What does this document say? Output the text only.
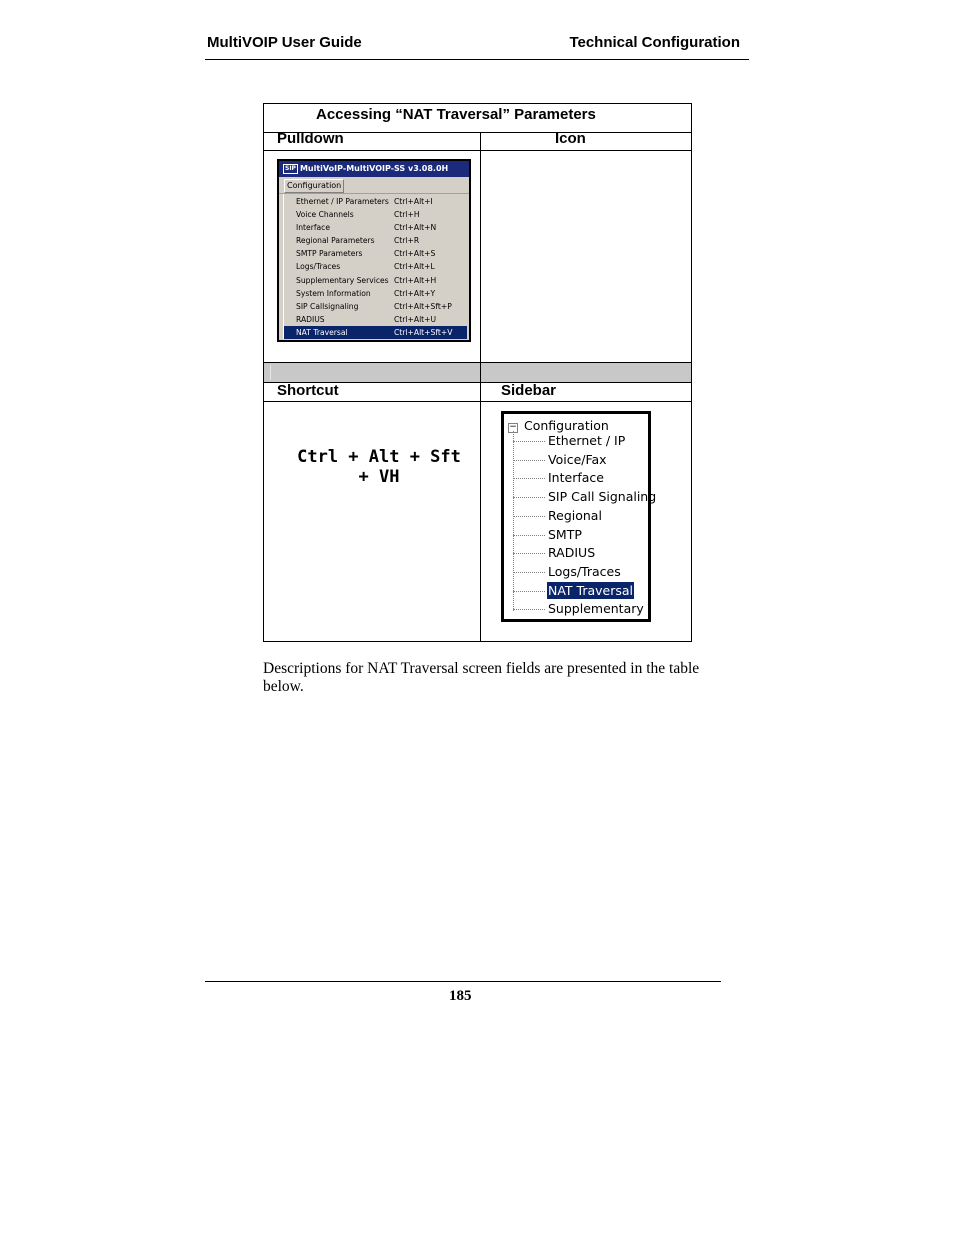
MultiVOIP User Guide	Technical Configuration
Accessing “NAT Traversal” Parameters
Pulldown	Icon
Shortcut	Sidebar
SIP MultiVoIP-MultiVOIP-SS v3.08.0H
Configuration
Ethernet / IP Parameters Ctrl+Alt+I
Voice Channels	Ctrl+H
Interface	Ctrl+Alt+N
Regional Parameters	Ctrl+R
SMTP Parameters	Ctrl+Alt+S
Logs/Traces	Ctrl+Alt+L
Supplementary Services Ctrl+Alt+H
System Information	Ctrl+Alt+Y
SIP Callsignaling	Ctrl+Alt+Sft+P
RADIUS	Ctrl+Alt+U
NAT Traversal	Ctrl+Alt+Sft+V
Ctrl + Alt + Sft
+ VH
− Configuration
Ethernet / IP
Voice/Fax
Interface
SIP Call Signaling
Regional
SMTP
RADIUS
Logs/Traces
NAT Traversal
Supplementary
Descriptions for NAT Traversal screen fields are presented in the table below.
185
